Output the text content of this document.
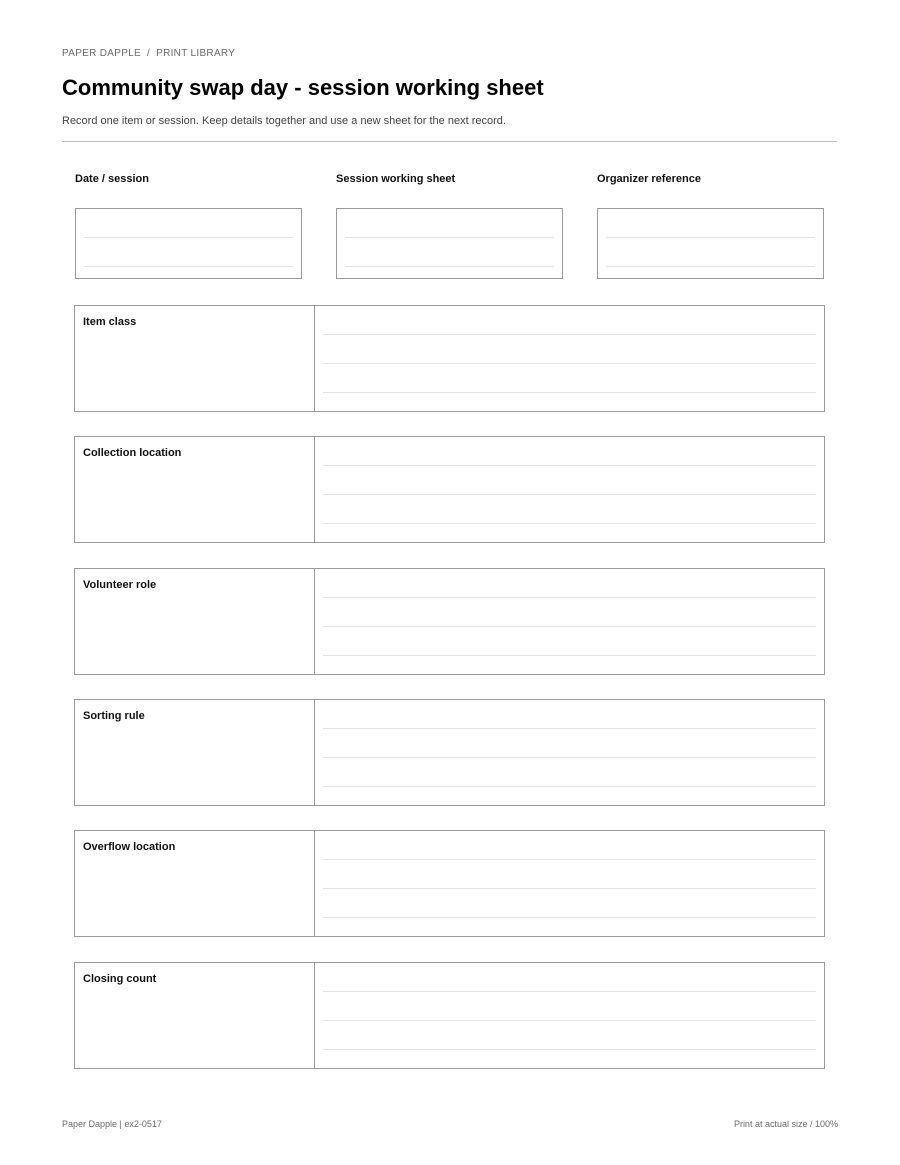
PAPER DAPPLE / PRINT LIBRARY
Community swap day - session working sheet
Record one item or session. Keep details together and use a new sheet for the next record.
Date / session	Session working sheet	Organizer reference
Item class
Collection location
Volunteer role
Sorting rule
Overflow location
Closing count
Paper Dapple | ex2-0517	Print at actual size / 100%
